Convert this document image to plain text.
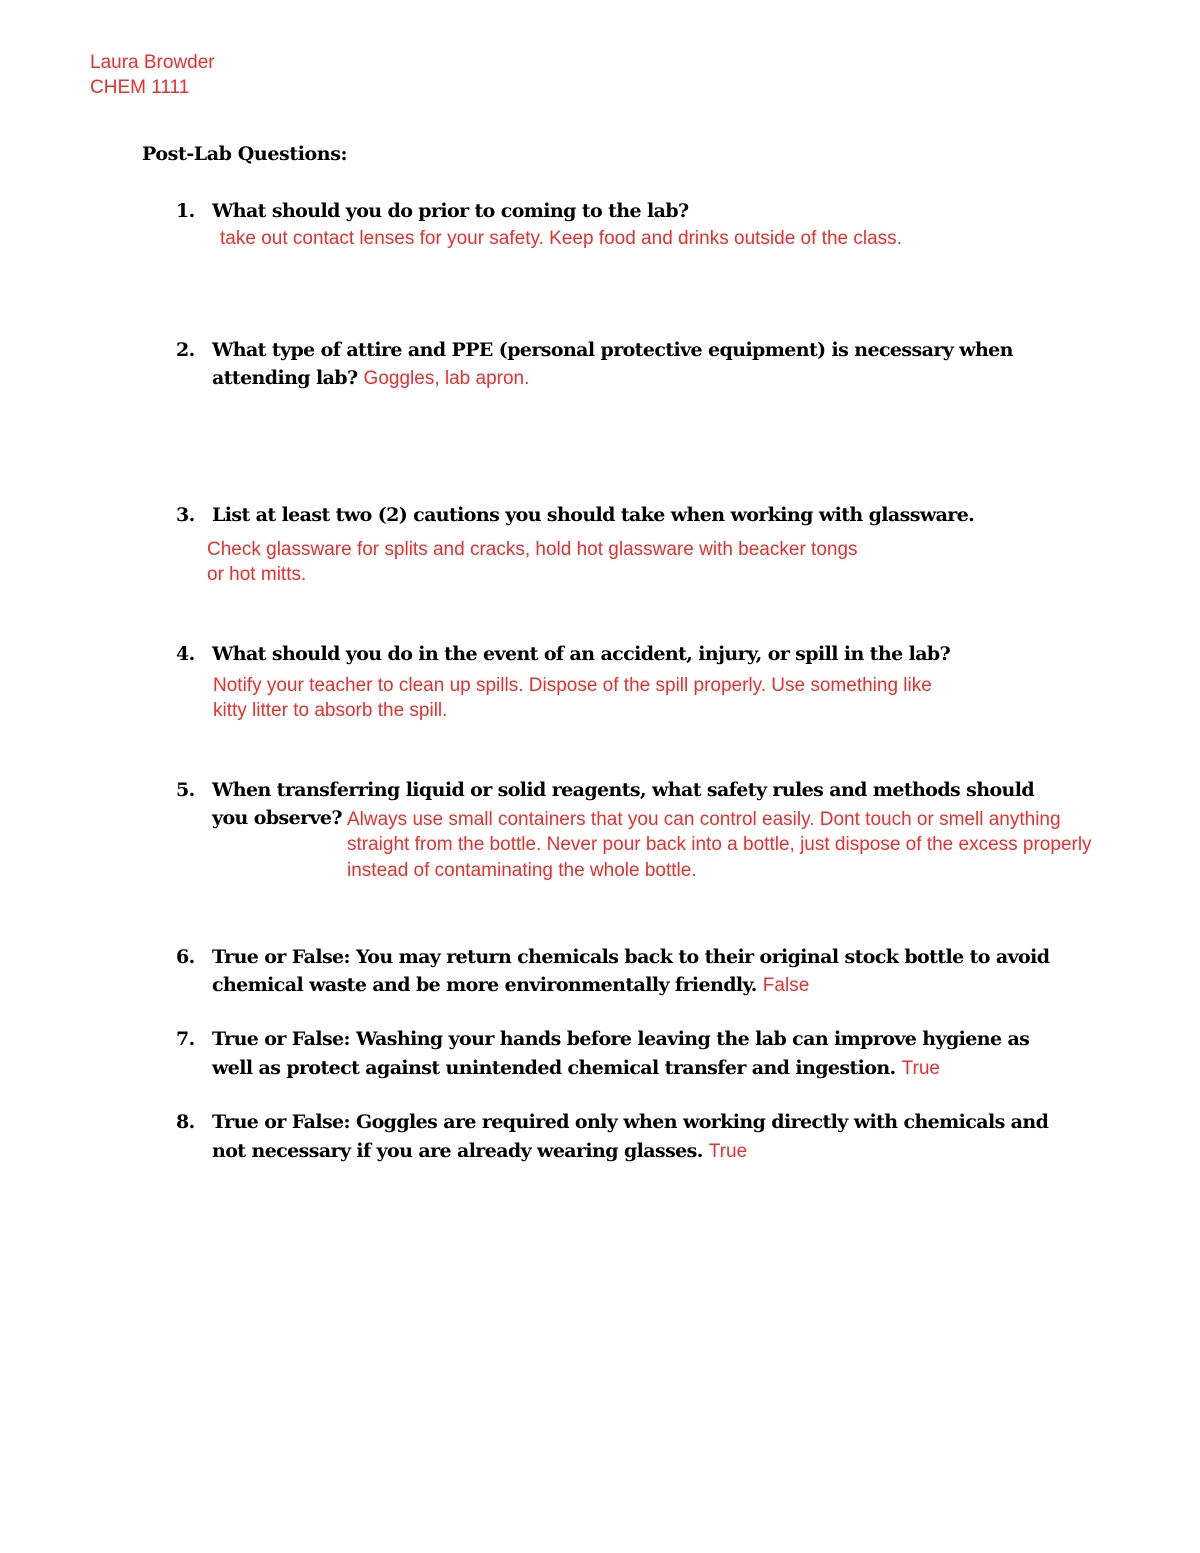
Laura Browder
CHEM 1111
Post-Lab Questions:
1. What should you do prior to coming to the lab?
take out contact lenses for your safety. Keep food and drinks outside of the class.
2. What type of attire and PPE (personal protective equipment) is necessary when
attending lab? Goggles, lab apron.
3. List at least two (2) cautions you should take when working with glassware.
Check glassware for splits and cracks, hold hot glassware with beacker tongs
or hot mitts.
4. What should you do in the event of an accident, injury, or spill in the lab?
Notify your teacher to clean up spills. Dispose of the spill properly. Use something like
kitty litter to absorb the spill.
5. When transferring liquid or solid reagents, what safety rules and methods should
you observe? Always use small containers that you can control easily. Dont touch or smell anything
straight from the bottle. Never pour back into a bottle, just dispose of the excess properly
instead of contaminating the whole bottle.
6. True or False: You may return chemicals back to their original stock bottle to avoid
chemical waste and be more environmentally friendly. False
7. True or False: Washing your hands before leaving the lab can improve hygiene as
well as protect against unintended chemical transfer and ingestion. True
8. True or False: Goggles are required only when working directly with chemicals and
not necessary if you are already wearing glasses. True
